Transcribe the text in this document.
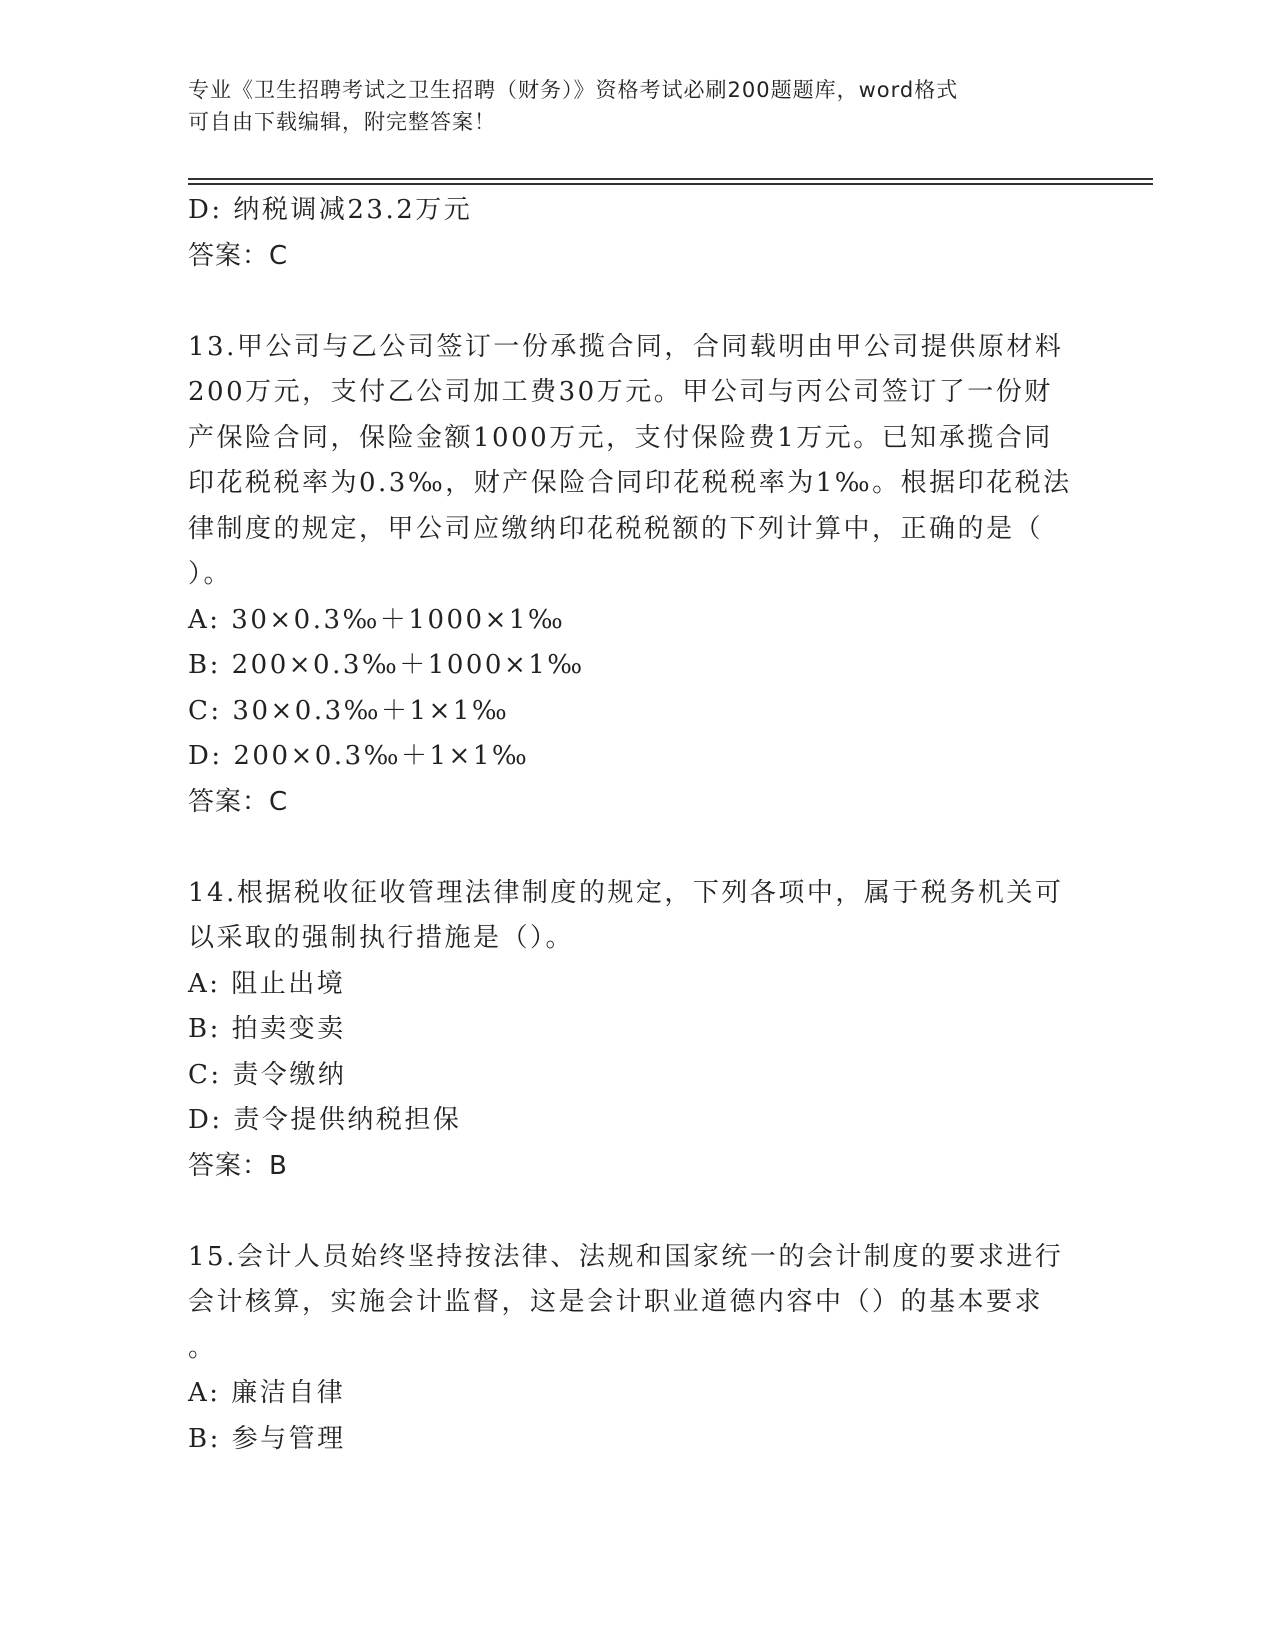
专业《卫生招聘考试之卫生招聘（财务）》资格考试必刷200题题库，word格式

可自由下载编辑，附完整答案！

D: 纳税调减23.2万元
答案：C
13.甲公司与乙公司签订一份承揽合同，合同载明由甲公司提供原材料
200万元，支付乙公司加工费30万元。甲公司与丙公司签订了一份财
产保险合同，保险金额1000万元，支付保险费1万元。已知承揽合同
印花税税率为0.3‰，财产保险合同印花税税率为1‰。根据印花税法
律制度的规定，甲公司应缴纳印花税税额的下列计算中，正确的是（
）。
A: 30×0.3‰＋1000×1‰
B: 200×0.3‰＋1000×1‰
C: 30×0.3‰＋1×1‰
D: 200×0.3‰＋1×1‰
答案：C
14.根据税收征收管理法律制度的规定，下列各项中，属于税务机关可
以采取的强制执行措施是（）。
A: 阻止出境
B: 拍卖变卖
C: 责令缴纳
D: 责令提供纳税担保
答案：B
15.会计人员始终坚持按法律、法规和国家统一的会计制度的要求进行
会计核算，实施会计监督，这是会计职业道德内容中（）的基本要求
。
A: 廉洁自律
B: 参与管理
